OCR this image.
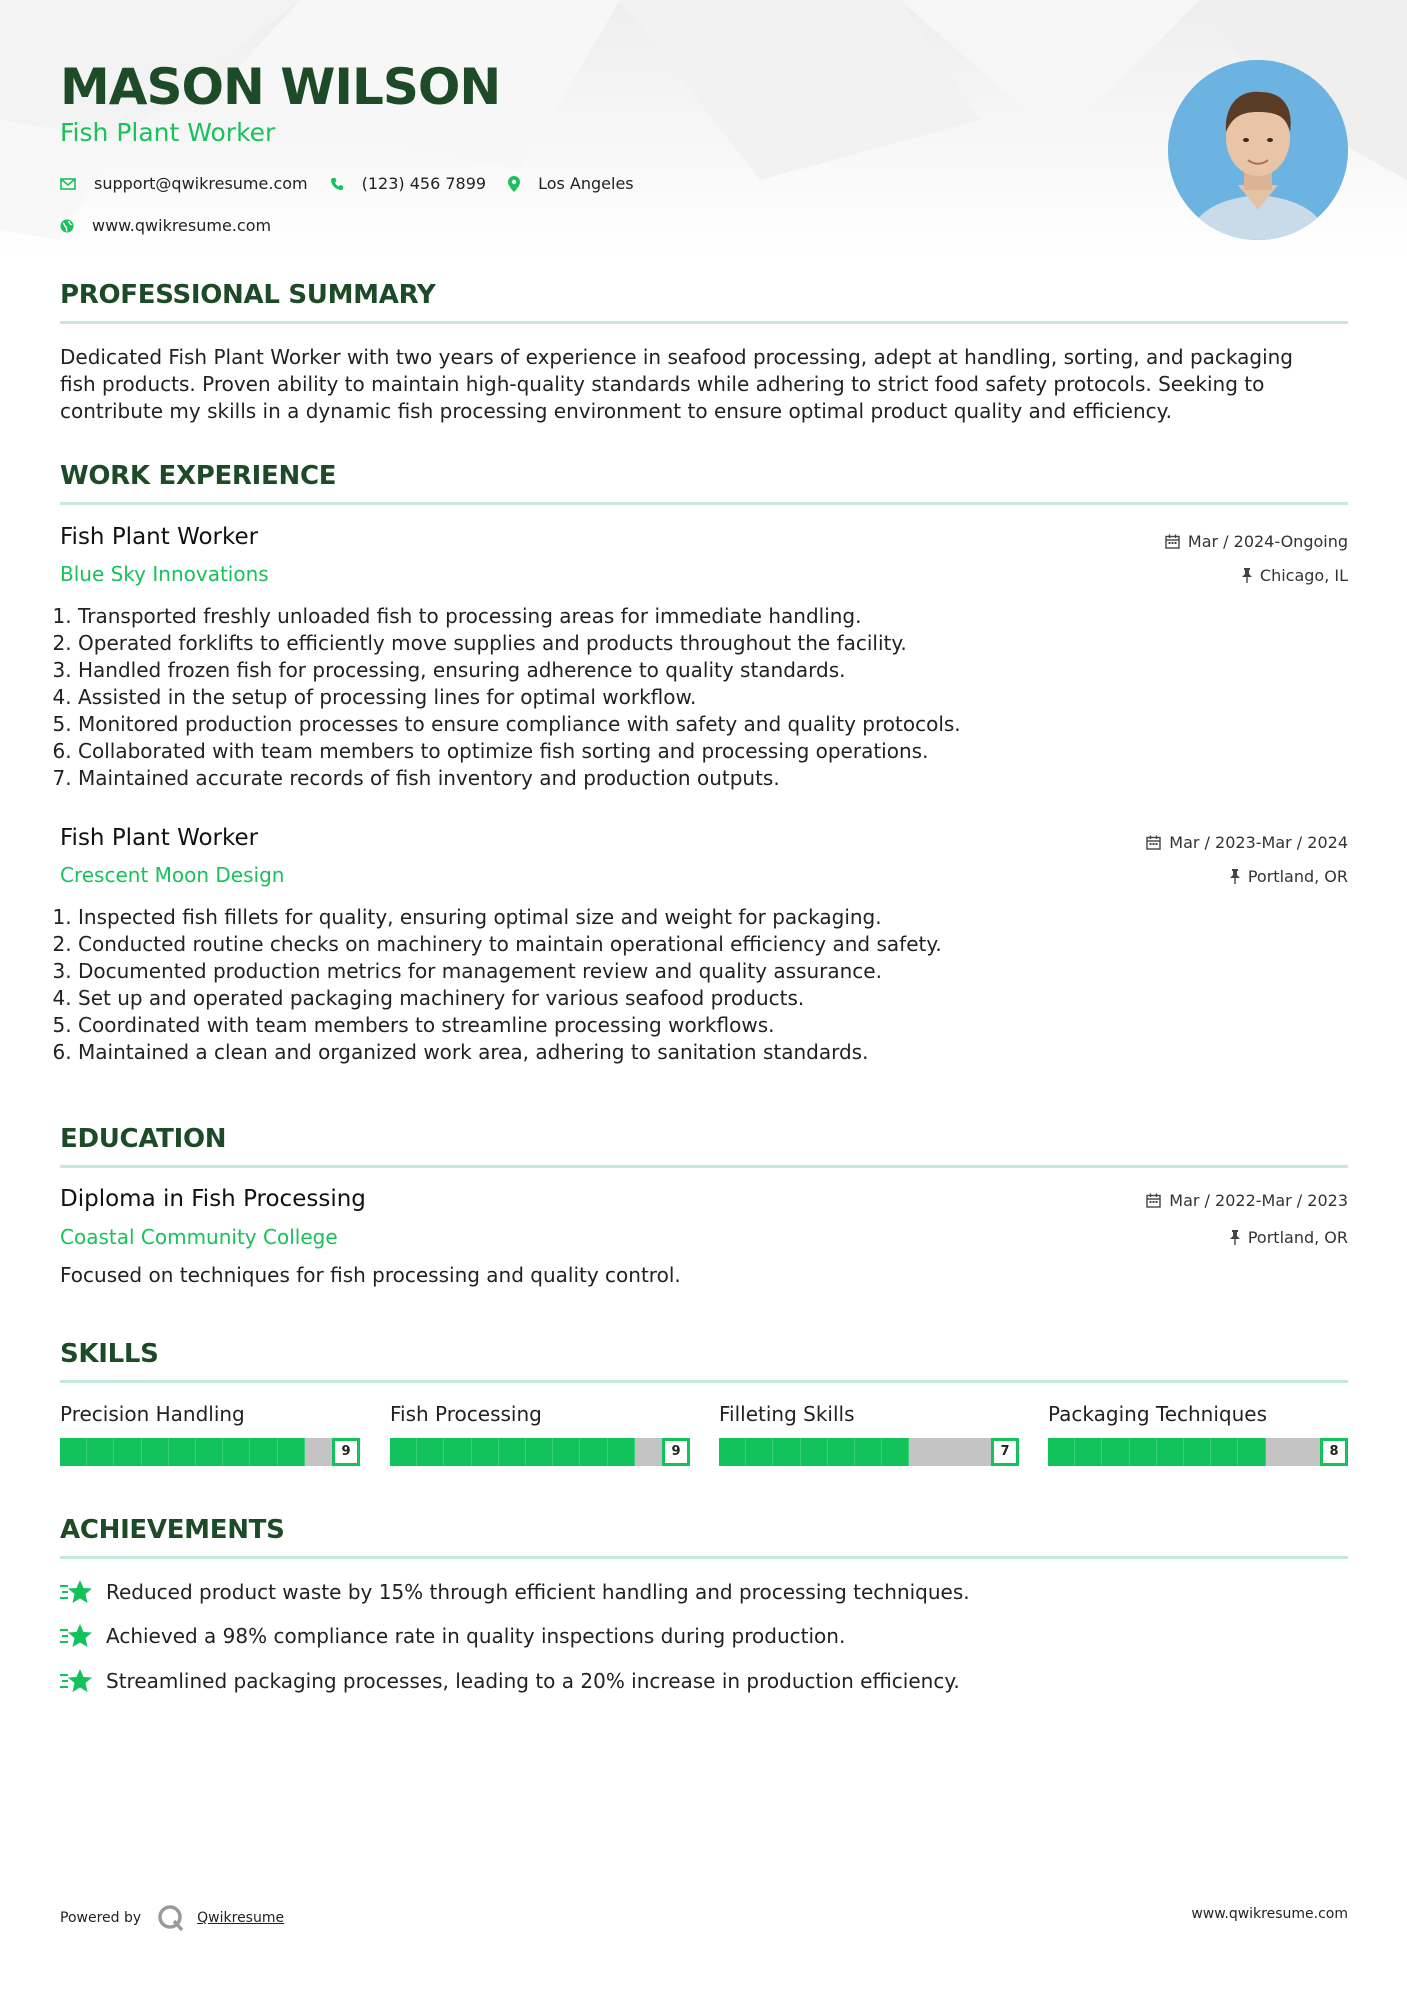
MASON WILSON
Fish Plant Worker
support@qwikresume.com	(123) 456 7899	Los Angeles
www.qwikresume.com
PROFESSIONAL SUMMARY
Dedicated Fish Plant Worker with two years of experience in seafood processing, adept at handling, sorting, and packaging
fish products. Proven ability to maintain high-quality standards while adhering to strict food safety protocols. Seeking to
contribute my skills in a dynamic fish processing environment to ensure optimal product quality and efficiency.
WORK EXPERIENCE
Fish Plant Worker
Blue Sky Innovations
Mar / 2024-Ongoing
Chicago, IL
1. Transported freshly unloaded fish to processing areas for immediate handling.
2. Operated forklifts to efficiently move supplies and products throughout the facility.
3. Handled frozen fish for processing, ensuring adherence to quality standards.
4. Assisted in the setup of processing lines for optimal workflow.
5. Monitored production processes to ensure compliance with safety and quality protocols.
6. Collaborated with team members to optimize fish sorting and processing operations.
7. Maintained accurate records of fish inventory and production outputs.
Fish Plant Worker
Crescent Moon Design
Mar / 2023-Mar / 2024
Portland, OR
1. Inspected fish fillets for quality, ensuring optimal size and weight for packaging.
2. Conducted routine checks on machinery to maintain operational efficiency and safety.
3. Documented production metrics for management review and quality assurance.
4. Set up and operated packaging machinery for various seafood products.
5. Coordinated with team members to streamline processing workflows.
6. Maintained a clean and organized work area, adhering to sanitation standards.
EDUCATION
Diploma in Fish Processing
Coastal Community College
Mar / 2022-Mar / 2023
Portland, OR
Focused on techniques for fish processing and quality control.
SKILLS
Precision Handling
9
Fish Processing
9
Filleting Skills
7
Packaging Techniques
8
ACHIEVEMENTS
Reduced product waste by 15% through efficient handling and processing techniques.
Achieved a 98% compliance rate in quality inspections during production.
Streamlined packaging processes, leading to a 20% increase in production efficiency.
Powered by	Qwikresume	www.qwikresume.com
